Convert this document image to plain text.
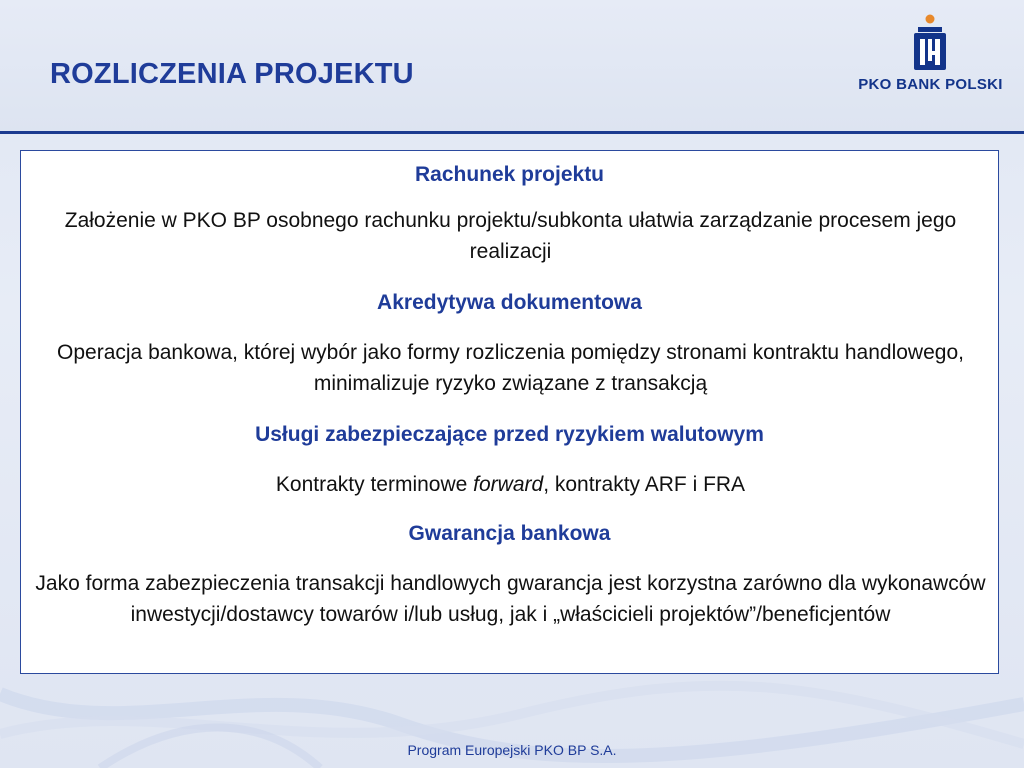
ROZLICZENIA PROJEKTU	PKO BANK POLSKI
Rachunek projektu
Założenie w PKO BP osobnego rachunku projektu/subkonta ułatwia zarządzanie procesem jego realizacji
Akredytywa dokumentowa
Operacja bankowa, której wybór jako formy rozliczenia pomiędzy stronami kontraktu handlowego, minimalizuje ryzyko związane z transakcją
Usługi zabezpieczające przed ryzykiem walutowym
Kontrakty terminowe forward, kontrakty ARF i FRA
Gwarancja bankowa
Jako forma zabezpieczenia transakcji handlowych gwarancja jest korzystna zarówno dla wykonawców inwestycji/dostawcy towarów i/lub usług, jak i „właścicieli projektów”/beneficjentów
Program Europejski PKO BP S.A.
